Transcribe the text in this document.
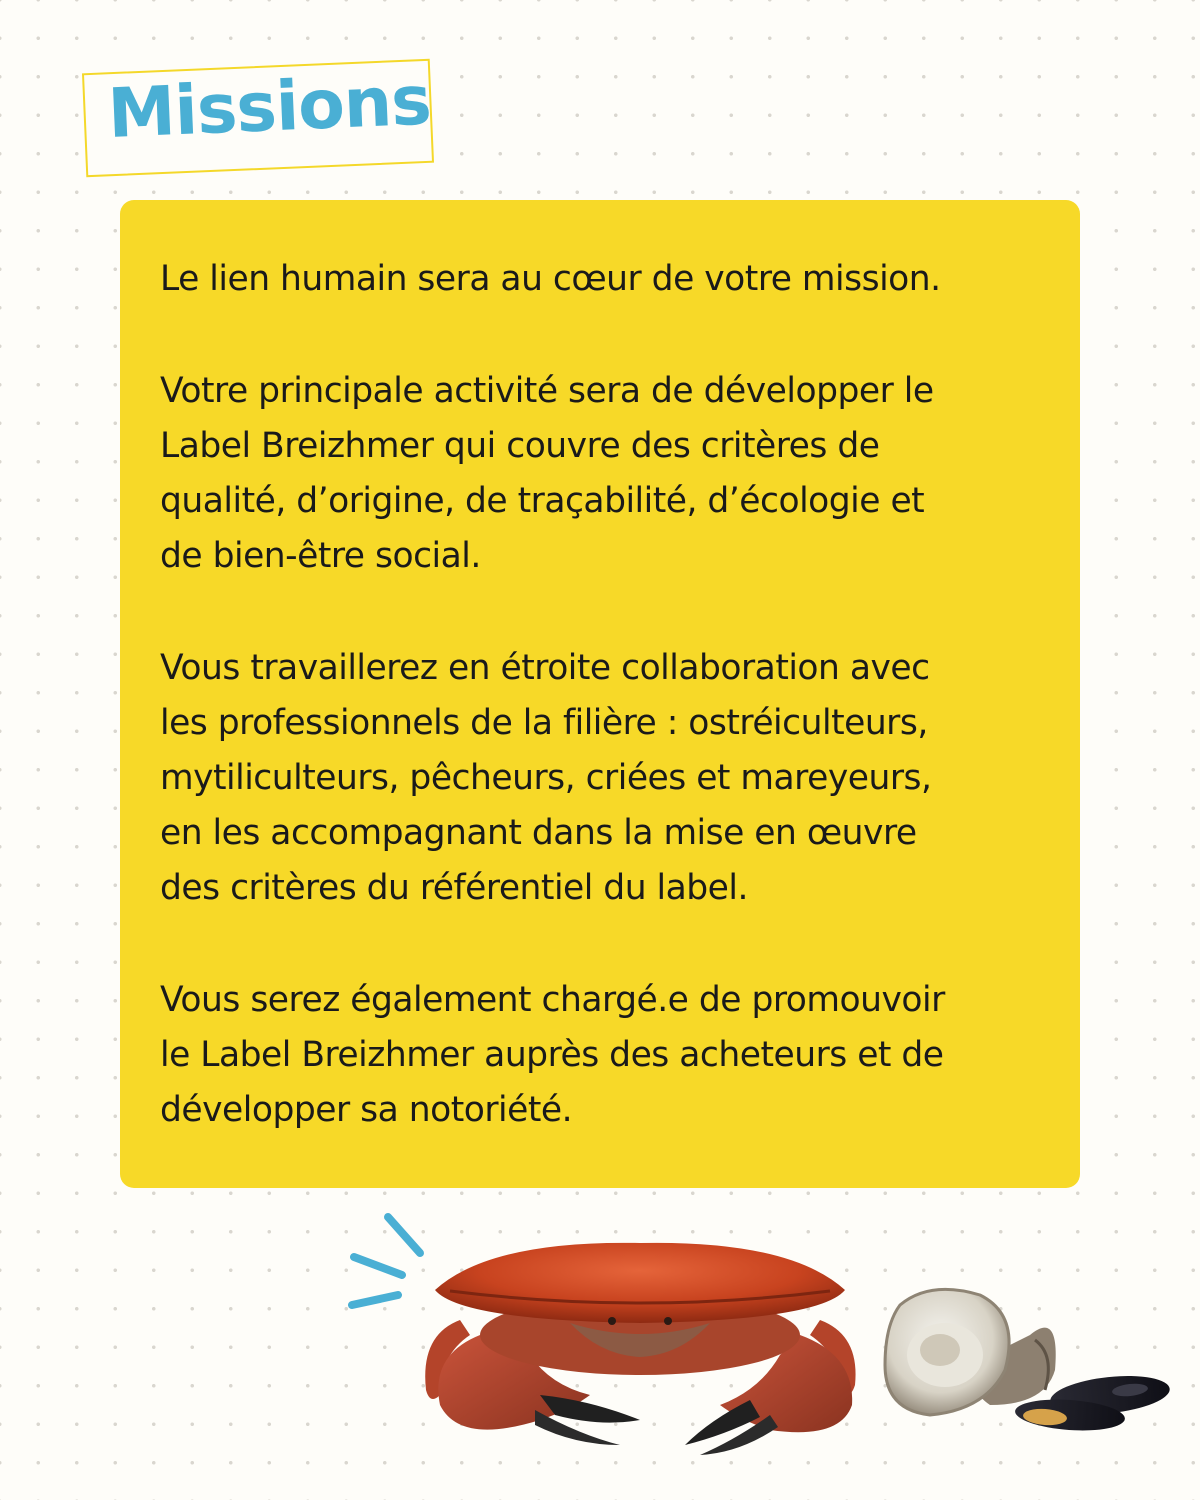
Missions

Le lien humain sera au cœur de votre mission.

Votre principale activité sera de développer le
Label Breizhmer qui couvre des critères de
qualité, d’origine, de traçabilité, d’écologie et
de bien-être social.

Vous travaillerez en étroite collaboration avec
les professionnels de la filière : ostréiculteurs,
mytiliculteurs, pêcheurs, criées et mareyeurs,
en les accompagnant dans la mise en œuvre
des critères du référentiel du label.

Vous serez également chargé.e de promouvoir
le Label Breizhmer auprès des acheteurs et de
développer sa notoriété.
